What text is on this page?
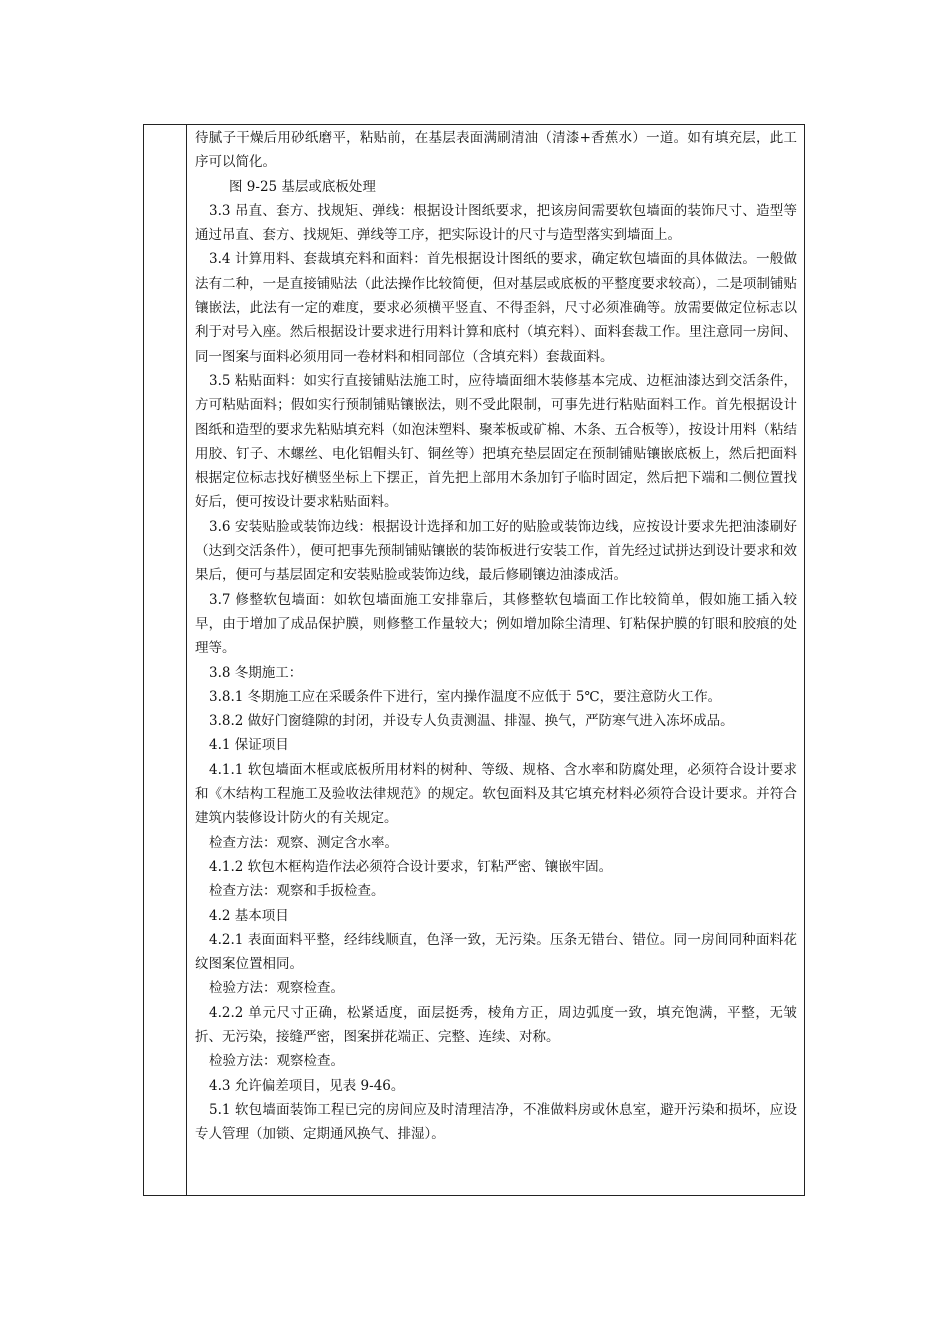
待腻子干燥后用砂纸磨平，粘贴前，在基层表面满刷清油（清漆+香蕉水）一道。如有填充层，此工序可以简化。

图 9-25 基层或底板处理

3.3 吊直、套方、找规矩、弹线：根据设计图纸要求，把该房间需要软包墙面的装饰尺寸、造型等通过吊直、套方、找规矩、弹线等工序，把实际设计的尺寸与造型落实到墙面上。

3.4 计算用料、套裁填充料和面料：首先根据设计图纸的要求，确定软包墙面的具体做法。一般做法有二种，一是直接铺贴法（此法操作比较简便，但对基层或底板的平整度要求较高），二是项制铺贴镶嵌法，此法有一定的难度，要求必须横平竖直、不得歪斜，尺寸必须准确等。放需要做定位标志以利于对号入座。然后根据设计要求进行用料计算和底村（填充料）、面料套裁工作。里注意同一房间、同一图案与面料必须用同一卷材料和相同部位（含填充料）套裁面料。

3.5 粘贴面料：如实行直接铺贴法施工时，应待墙面细木装修基本完成、边框油漆达到交活条件，方可粘贴面料；假如实行预制铺贴镶嵌法，则不受此限制，可事先进行粘贴面料工作。首先根据设计图纸和造型的要求先粘贴填充料（如泡沫塑料、聚苯板或矿棉、木条、五合板等），按设计用料（粘结用胶、钉子、木螺丝、电化铝帽头钉、铜丝等）把填充垫层固定在预制铺贴镶嵌底板上，然后把面料根据定位标志找好横竖坐标上下摆正，首先把上部用木条加钉子临时固定，然后把下端和二侧位置找好后，便可按设计要求粘贴面料。

3.6 安装贴脸或装饰边线：根据设计选择和加工好的贴脸或装饰边线，应按设计要求先把油漆刷好（达到交活条件），便可把事先预制铺贴镶嵌的装饰板进行安装工作，首先经过试拼达到设计要求和效果后，便可与基层固定和安装贴脸或装饰边线，最后修刷镶边油漆成活。

3.7 修整软包墙面：如软包墙面施工安排靠后，其修整软包墙面工作比较简单，假如施工插入较早，由于增加了成品保护膜，则修整工作量较大；例如增加除尘清理、钉粘保护膜的钉眼和胶痕的处理等。

3.8 冬期施工：

3.8.1 冬期施工应在采暖条件下进行，室内操作温度不应低于 5℃，要注意防火工作。

3.8.2 做好门窗缝隙的封闭，并设专人负责测温、排湿、换气，严防寒气进入冻坏成品。

4.1 保证项目

4.1.1 软包墙面木框或底板所用材料的树种、等级、规格、含水率和防腐处理，必须符合设计要求和《木结构工程施工及验收法律规范》的规定。软包面料及其它填充材料必须符合设计要求。并符合建筑内装修设计防火的有关规定。

检查方法：观察、测定含水率。

4.1.2 软包木框构造作法必须符合设计要求，钉粘严密、镶嵌牢固。

检查方法：观察和手扳检查。

4.2 基本项目

4.2.1 表面面料平整，经纬线顺直，色泽一致，无污染。压条无错台、错位。同一房间同种面料花纹图案位置相同。

检验方法：观察检查。

4.2.2 单元尺寸正确，松紧适度，面层挺秀，棱角方正，周边弧度一致，填充饱满，平整，无皱折、无污染，接缝严密，图案拼花端正、完整、连续、对称。

检验方法：观察检查。

4.3 允许偏差项目，见表 9-46。

5.1 软包墙面装饰工程已完的房间应及时清理洁净，不准做料房或休息室，避开污染和损坏，应设专人管理（加锁、定期通风换气、排湿）。
